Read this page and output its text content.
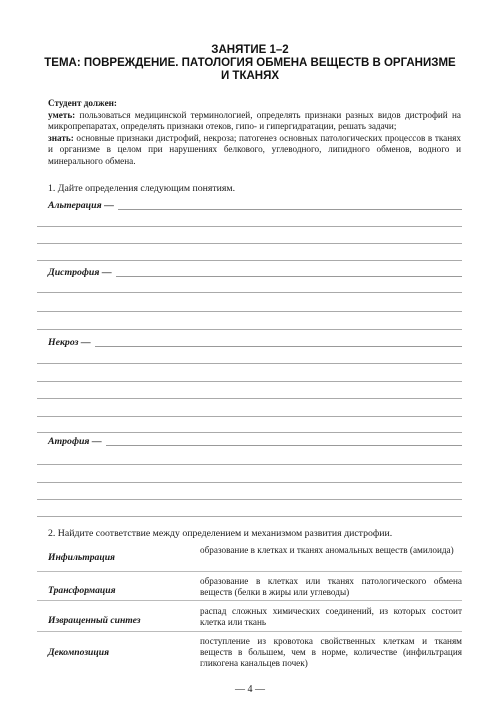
ЗАНЯТИЕ 1–2
ТЕМА: ПОВРЕЖДЕНИЕ. ПАТОЛОГИЯ ОБМЕНА ВЕЩЕСТВ В ОРГАНИЗМЕ
И ТКАНЯХ

Студент должен:

уметь: пользоваться медицинской терминологией, определять признаки разных видов дистрофий на микропрепаратах, определять признаки отеков, гипо- и гипергидратации, решать задачи;

знать: основные признаки дистрофий, некроза; патогенез основных патологических процессов в тканях и организме в целом при нарушениях белкового, углеводного, липидного обменов, водного и минерального обмена.

1. Дайте определения следующим понятиям.
Альтерация —
Дистрофия —
Некроз —
Атрофия —
2. Найдите соответствие между определением и механизмом развития дистрофии.
Инфильтрация
образование в клетках и тканях аномальных веществ (амилоида)
Трансформация
образование в клетках или тканях патологического обмена веществ (белки в жиры или углеводы)
Извращенный синтез
распад сложных химических соединений, из которых состоит клетка или ткань
Декомпозиция
поступление из кровотока свойственных клеткам и тканям веществ в большем, чем в норме, количестве (инфильтрация гликогена канальцев почек)
— 4 —
